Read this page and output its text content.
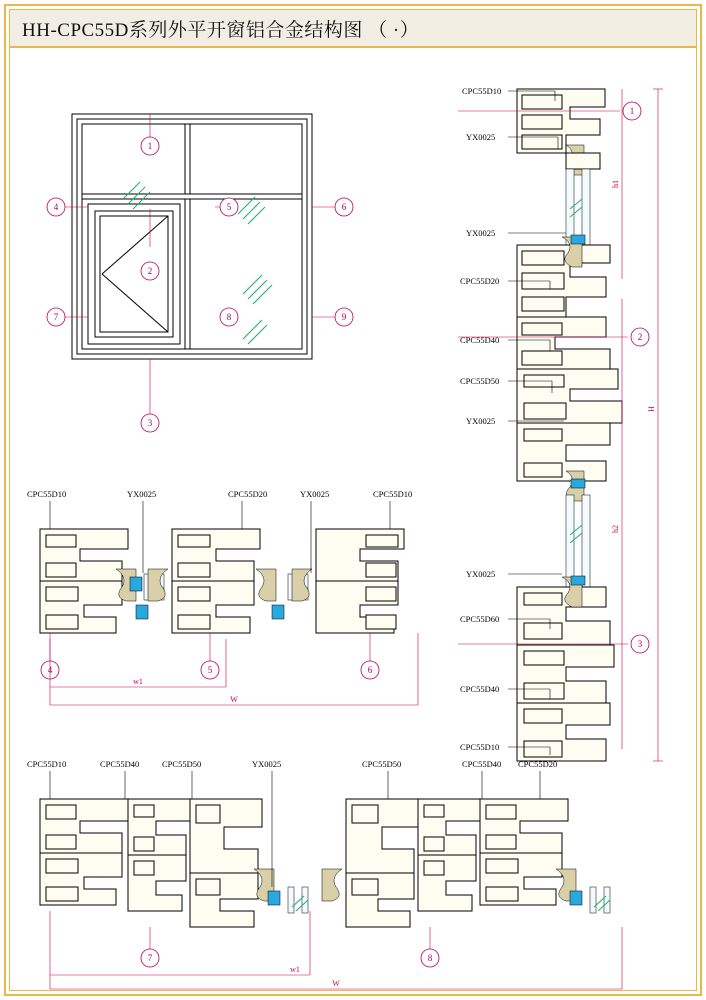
HH-CPC55D系列外平开窗铝合金结构图 （ ·）
1
2
3
4	5	6
7	8	9
CPC55D10
YX0025
YX0025
CPC55D20
CPC55D40
CPC55D50
YX0025
YX0025
CPC55D60
CPC55D40
CPC55D10
1
2
3
h1
h2
H
CPC55D10	YX0025	CPC55D20	YX0025	CPC55D10
4	5	6
w1
W
CPC55D10	CPC55D40	CPC55D50	YX0025	CPC55D50	CPC55D40 CPC55D20
7	8
w1
W
